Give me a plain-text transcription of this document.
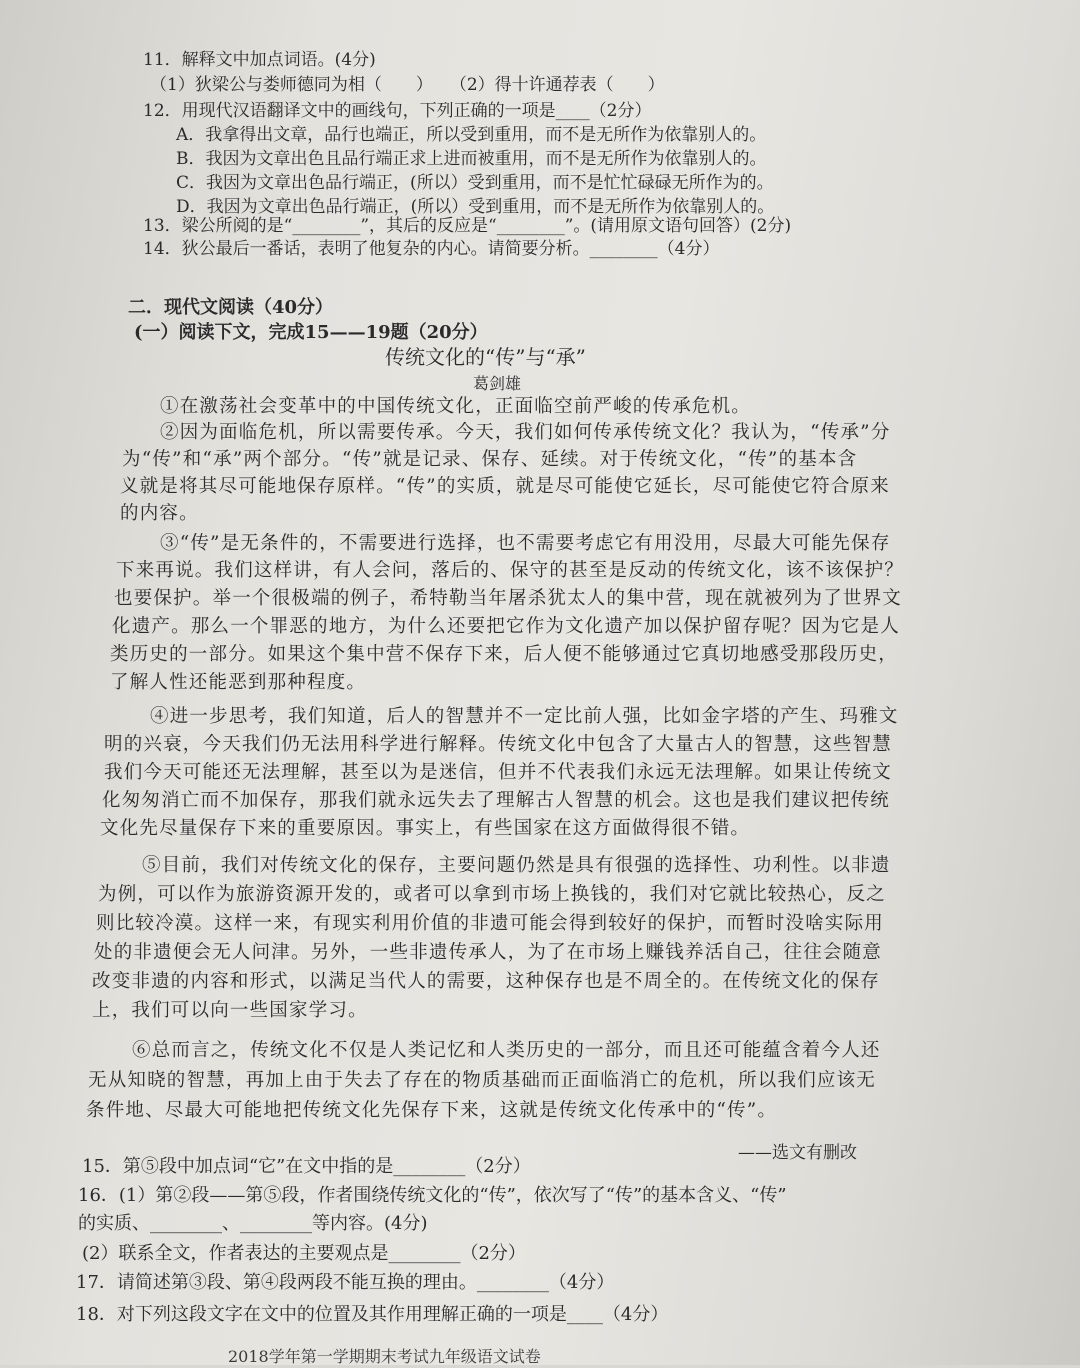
11．解释文中加点词语。(4分)
（1）狄梁公与娄师德同为相（　　）　　（2）得十许通荐表（　　）
12．用现代汉语翻译文中的画线句，下列正确的一项是____（2分）
A．我拿得出文章，品行也端正，所以受到重用，而不是无所作为依靠别人的。
B．我因为文章出色且品行端正求上进而被重用，而不是无所作为依靠别人的。
C．我因为文章出色品行端正，(所以）受到重用，而不是忙忙碌碌无所作为的。
D．我因为文章出色品行端正，(所以）受到重用，而不是无所作为依靠别人的。
13．梁公所阅的是“________”，其后的反应是“________”。(请用原文语句回答）(2分)
14．狄公最后一番话，表明了他复杂的内心。请简要分析。________（4分）
二．现代文阅读（40分）
(一）阅读下文，完成15——19题（20分）
传统文化的“传”与“承”
葛剑雄
①在激荡社会变革中的中国传统文化，正面临空前严峻的传承危机。
②因为面临危机，所以需要传承。今天，我们如何传承传统文化？我认为，“传承”分
为“传”和“承”两个部分。“传”就是记录、保存、延续。对于传统文化，“传”的基本含
义就是将其尽可能地保存原样。“传”的实质，就是尽可能使它延长，尽可能使它符合原来
的内容。
③“传”是无条件的，不需要进行选择，也不需要考虑它有用没用，尽最大可能先保存
下来再说。我们这样讲，有人会问，落后的、保守的甚至是反动的传统文化，该不该保护？
也要保护。举一个很极端的例子，希特勒当年屠杀犹太人的集中营，现在就被列为了世界文
化遗产。那么一个罪恶的地方，为什么还要把它作为文化遗产加以保护留存呢？因为它是人
类历史的一部分。如果这个集中营不保存下来，后人便不能够通过它真切地感受那段历史，
了解人性还能恶到那种程度。
④进一步思考，我们知道，后人的智慧并不一定比前人强，比如金字塔的产生、玛雅文
明的兴衰，今天我们仍无法用科学进行解释。传统文化中包含了大量古人的智慧，这些智慧
我们今天可能还无法理解，甚至以为是迷信，但并不代表我们永远无法理解。如果让传统文
化匆匆消亡而不加保存，那我们就永远失去了理解古人智慧的机会。这也是我们建议把传统
文化先尽量保存下来的重要原因。事实上，有些国家在这方面做得很不错。
⑤目前，我们对传统文化的保存，主要问题仍然是具有很强的选择性、功利性。以非遗
为例，可以作为旅游资源开发的，或者可以拿到市场上换钱的，我们对它就比较热心，反之
则比较冷漠。这样一来，有现实利用价值的非遗可能会得到较好的保护，而暂时没啥实际用
处的非遗便会无人问津。另外，一些非遗传承人，为了在市场上赚钱养活自己，往往会随意
改变非遗的内容和形式，以满足当代人的需要，这种保存也是不周全的。在传统文化的保存
上，我们可以向一些国家学习。
⑥总而言之，传统文化不仅是人类记忆和人类历史的一部分，而且还可能蕴含着今人还
无从知晓的智慧，再加上由于失去了存在的物质基础而正面临消亡的危机，所以我们应该无
条件地、尽最大可能地把传统文化先保存下来，这就是传统文化传承中的“传”。
——选文有删改
15．第⑤段中加点词“它”在文中指的是________（2分）
16．(1）第②段——第⑤段，作者围绕传统文化的“传”，依次写了“传”的基本含义、“传”
的实质、________、________等内容。(4分)
(2）联系全文，作者表达的主要观点是________（2分）
17．请简述第③段、第④段两段不能互换的理由。________（4分）
18．对下列这段文字在文中的位置及其作用理解正确的一项是____（4分）
2018学年第一学期期末考试九年级语文试卷
